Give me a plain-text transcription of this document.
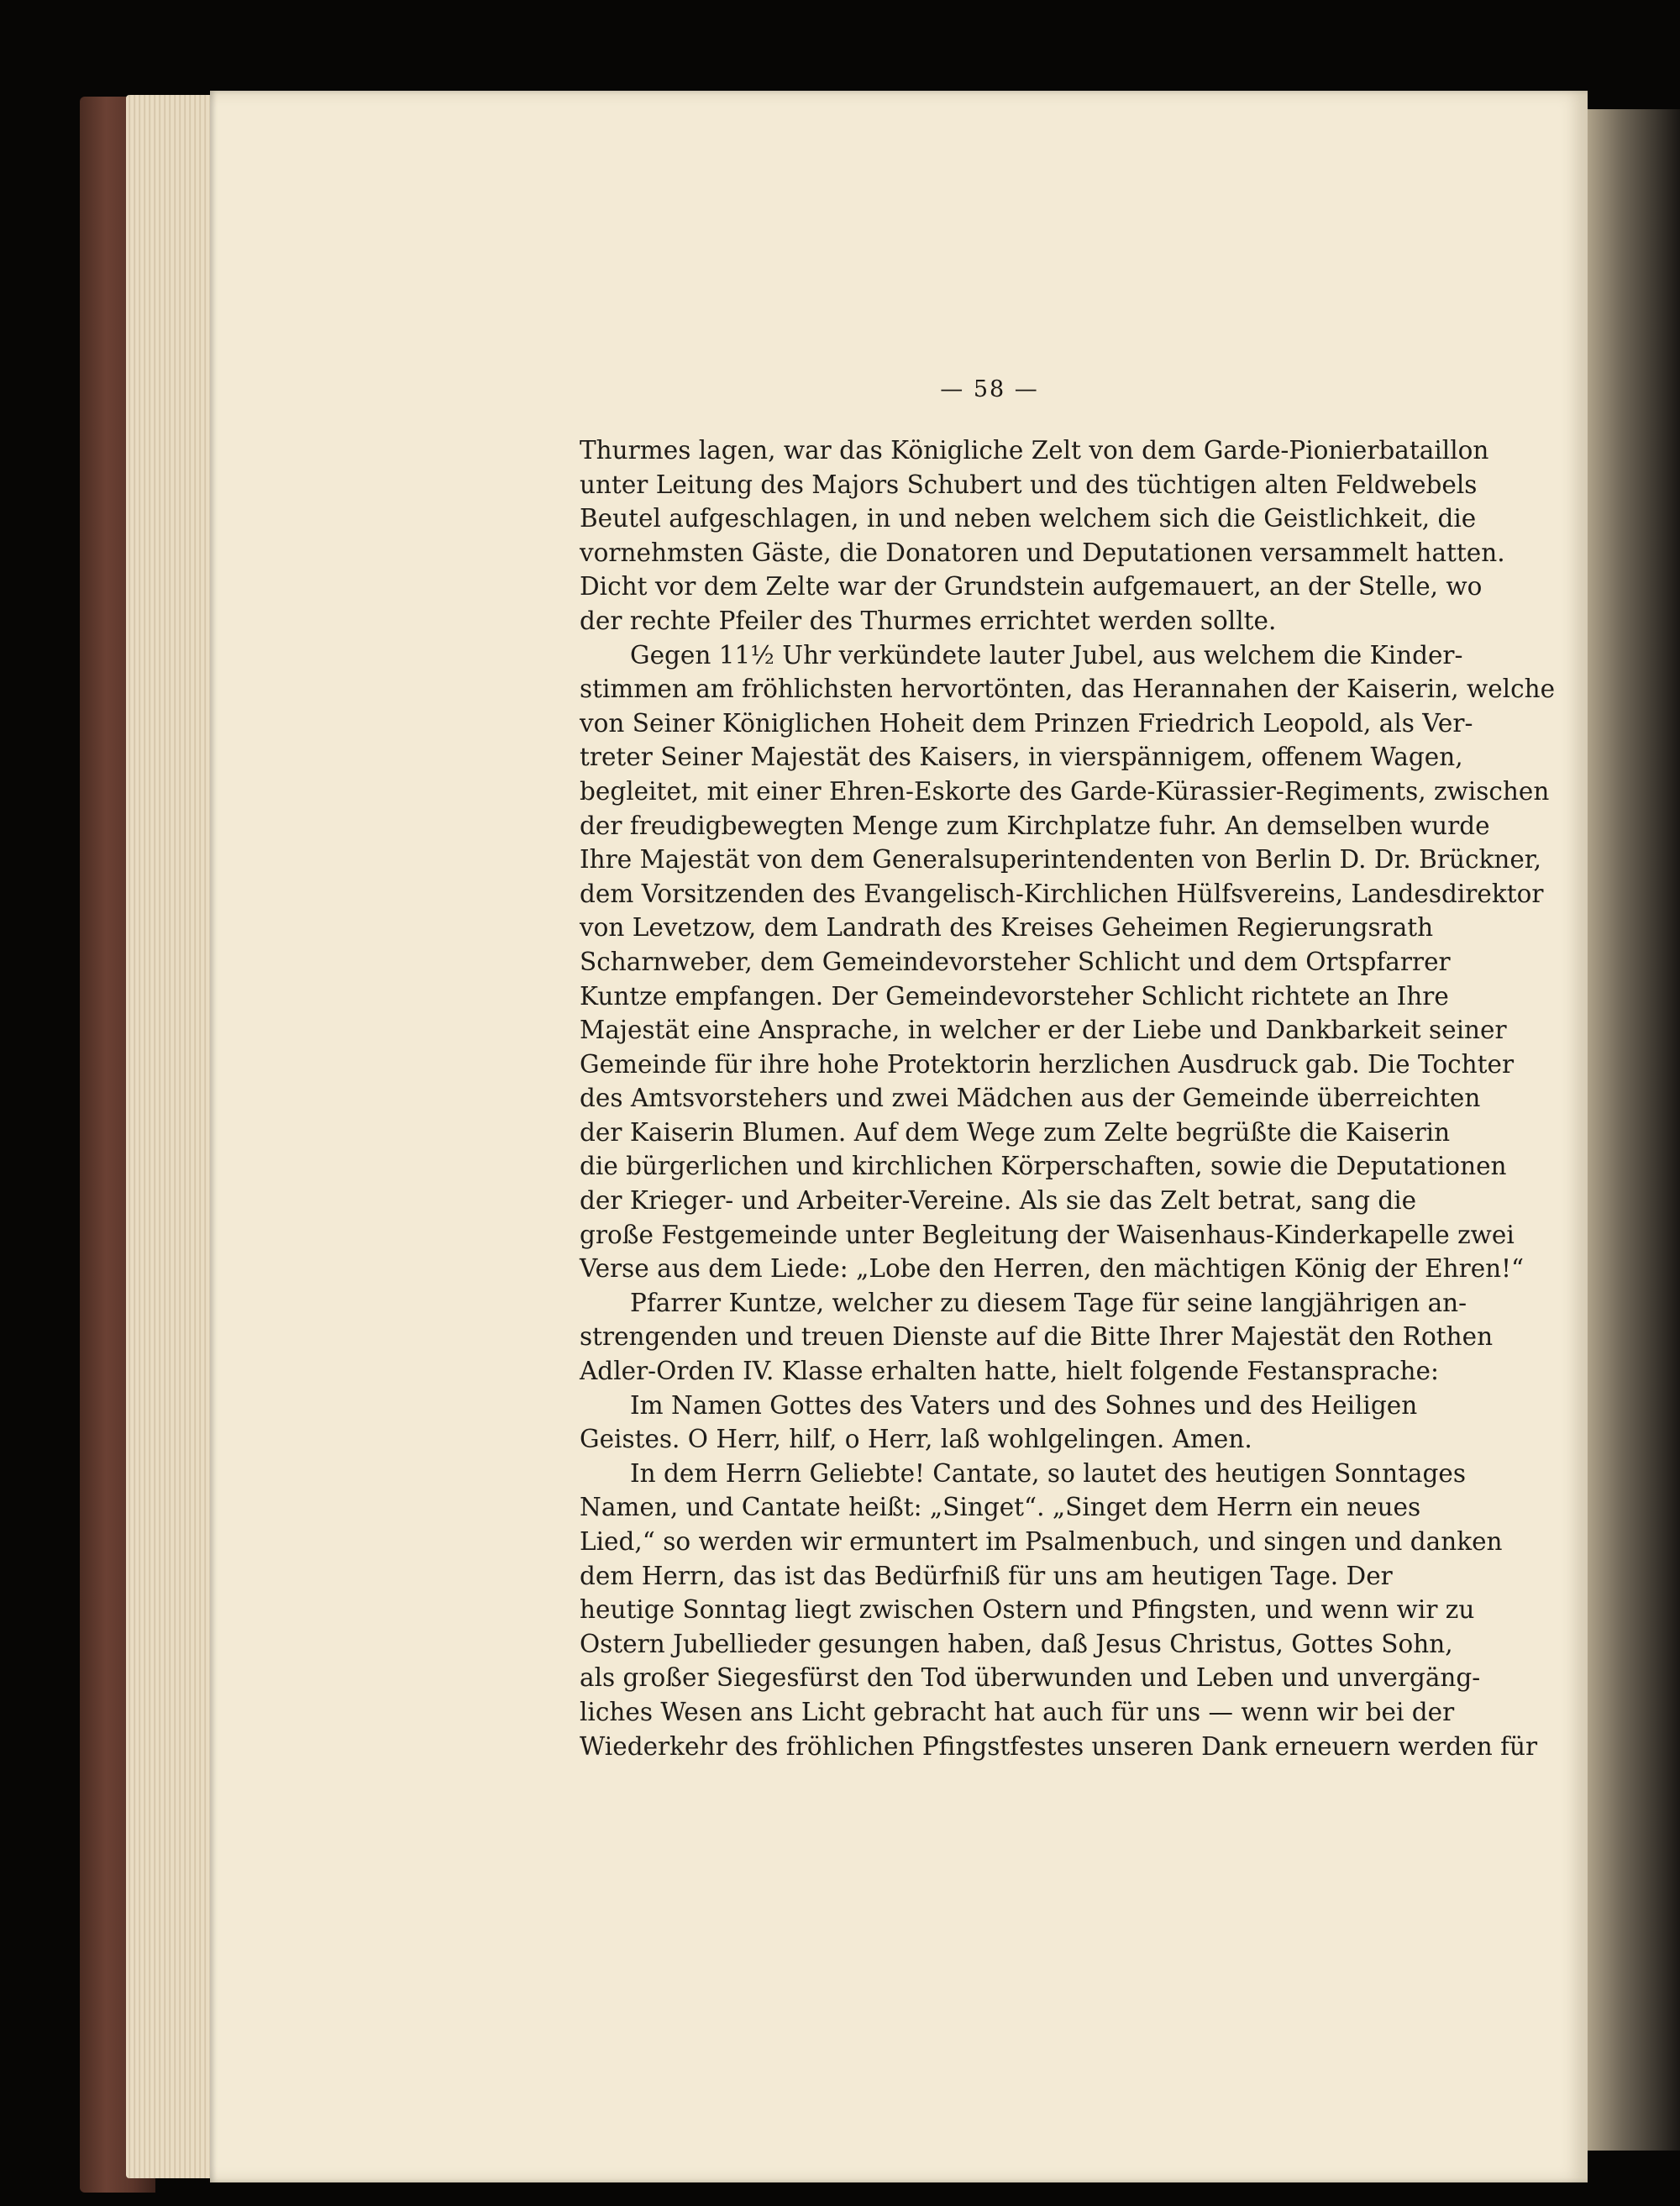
— 58 —
Thurmes lagen, war das Königliche Zelt von dem Garde-Pionierbataillon
unter Leitung des Majors Schubert und des tüchtigen alten Feldwebels
Beutel aufgeschlagen, in und neben welchem sich die Geistlichkeit, die
vornehmsten Gäste, die Donatoren und Deputationen versammelt hatten.
Dicht vor dem Zelte war der Grundstein aufgemauert, an der Stelle, wo
der rechte Pfeiler des Thurmes errichtet werden sollte.
Gegen 11½ Uhr verkündete lauter Jubel, aus welchem die Kinder-
stimmen am fröhlichsten hervortönten, das Herannahen der Kaiserin, welche
von Seiner Königlichen Hoheit dem Prinzen Friedrich Leopold, als Ver-
treter Seiner Majestät des Kaisers, in vierspännigem, offenem Wagen,
begleitet, mit einer Ehren-Eskorte des Garde-Kürassier-Regiments, zwischen
der freudigbewegten Menge zum Kirchplatze fuhr. An demselben wurde
Ihre Majestät von dem Generalsuperintendenten von Berlin D. Dr. Brückner,
dem Vorsitzenden des Evangelisch-Kirchlichen Hülfsvereins, Landesdirektor
von Levetzow, dem Landrath des Kreises Geheimen Regierungsrath
Scharnweber, dem Gemeindevorsteher Schlicht und dem Ortspfarrer
Kuntze empfangen. Der Gemeindevorsteher Schlicht richtete an Ihre
Majestät eine Ansprache, in welcher er der Liebe und Dankbarkeit seiner
Gemeinde für ihre hohe Protektorin herzlichen Ausdruck gab. Die Tochter
des Amtsvorstehers und zwei Mädchen aus der Gemeinde überreichten
der Kaiserin Blumen. Auf dem Wege zum Zelte begrüßte die Kaiserin
die bürgerlichen und kirchlichen Körperschaften, sowie die Deputationen
der Krieger- und Arbeiter-Vereine. Als sie das Zelt betrat, sang die
große Festgemeinde unter Begleitung der Waisenhaus-Kinderkapelle zwei
Verse aus dem Liede: „Lobe den Herren, den mächtigen König der Ehren!“
Pfarrer Kuntze, welcher zu diesem Tage für seine langjährigen an-
strengenden und treuen Dienste auf die Bitte Ihrer Majestät den Rothen
Adler-Orden IV. Klasse erhalten hatte, hielt folgende Festansprache:
Im Namen Gottes des Vaters und des Sohnes und des Heiligen
Geistes. O Herr, hilf, o Herr, laß wohlgelingen. Amen.
In dem Herrn Geliebte! Cantate, so lautet des heutigen Sonntages
Namen, und Cantate heißt: „Singet“. „Singet dem Herrn ein neues
Lied,“ so werden wir ermuntert im Psalmenbuch, und singen und danken
dem Herrn, das ist das Bedürfniß für uns am heutigen Tage. Der
heutige Sonntag liegt zwischen Ostern und Pfingsten, und wenn wir zu
Ostern Jubellieder gesungen haben, daß Jesus Christus, Gottes Sohn,
als großer Siegesfürst den Tod überwunden und Leben und unvergäng-
liches Wesen ans Licht gebracht hat auch für uns — wenn wir bei der
Wiederkehr des fröhlichen Pfingstfestes unseren Dank erneuern werden für
